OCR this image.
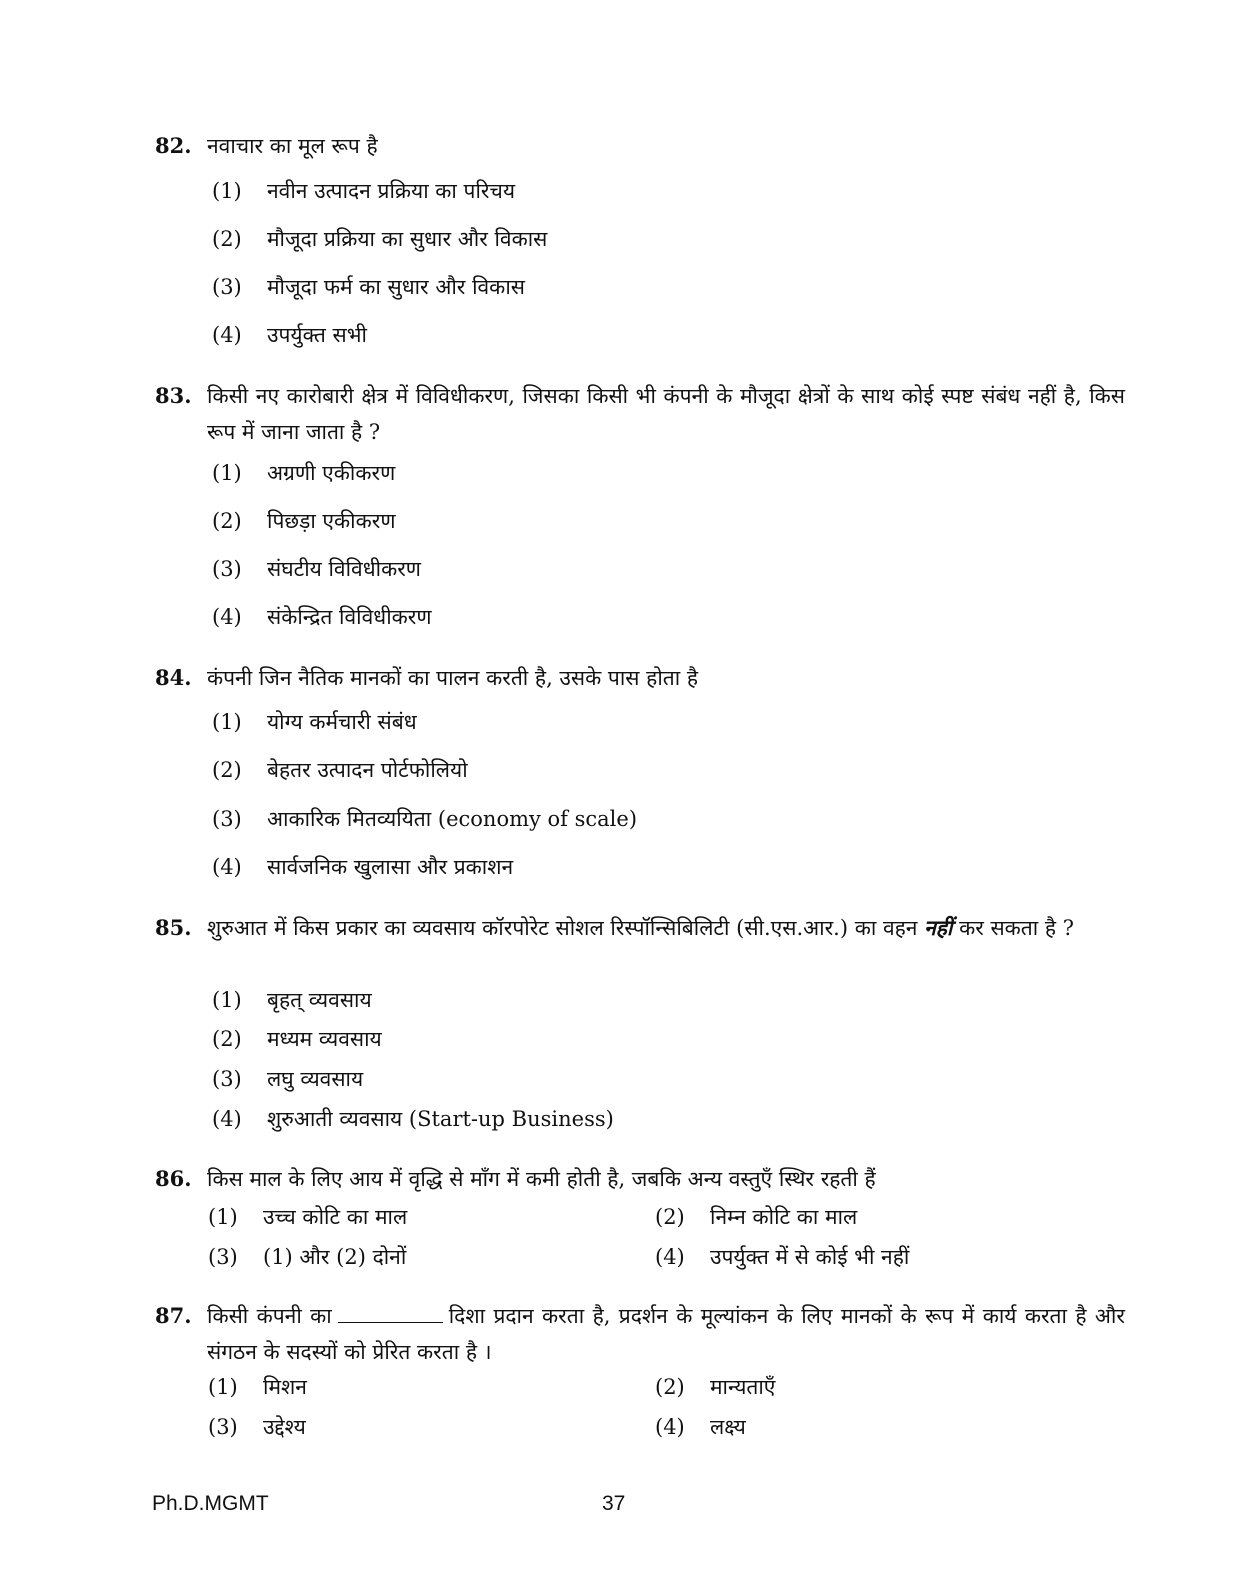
82. नवाचार का मूल रूप है
(1)	नवीन उत्पादन प्रक्रिया का परिचय
(2)	मौजूदा प्रक्रिया का सुधार और विकास
(3)	मौजूदा फर्म का सुधार और विकास
(4)	उपर्युक्त सभी
83. किसी नए कारोबारी क्षेत्र में विविधीकरण, जिसका किसी भी कंपनी के मौजूदा क्षेत्रों के साथ कोई स्पष्ट संबंध नहीं है, किस रूप में जाना जाता है ?
(1)	अग्रणी एकीकरण
(2)	पिछड़ा एकीकरण
(3)	संघटीय विविधीकरण
(4)	संकेन्द्रित विविधीकरण
84. कंपनी जिन नैतिक मानकों का पालन करती है, उसके पास होता है
(1)	योग्य कर्मचारी संबंध
(2)	बेहतर उत्पादन पोर्टफोलियो
(3)	आकारिक मितव्ययिता (economy of scale)
(4)	सार्वजनिक खुलासा और प्रकाशन
85. शुरुआत में किस प्रकार का व्यवसाय कॉरपोरेट सोशल रिस्पॉन्सिबिलिटी (सी.एस.आर.) का वहन नहीं कर सकता है ?
(1)	बृहत् व्यवसाय
(2)	मध्यम व्यवसाय
(3)	लघु व्यवसाय
(4)	शुरुआती व्यवसाय (Start-up Business)
86. किस माल के लिए आय में वृद्धि से माँग में कमी होती है, जबकि अन्य वस्तुएँ स्थिर रहती हैं
(1)	उच्च कोटि का माल	(2)	निम्न कोटि का माल
(3)	(1) और (2) दोनों	(4)	उपर्युक्त में से कोई भी नहीं
87. किसी कंपनी का	दिशा प्रदान करता है, प्रदर्शन के मूल्यांकन के लिए मानकों के रूप में कार्य करता है और संगठन के सदस्यों को प्रेरित करता है ।
(1)	मिशन	(2)	मान्यताएँ
(3)	उद्देश्य	(4)	लक्ष्य
Ph.D.MGMT	37
